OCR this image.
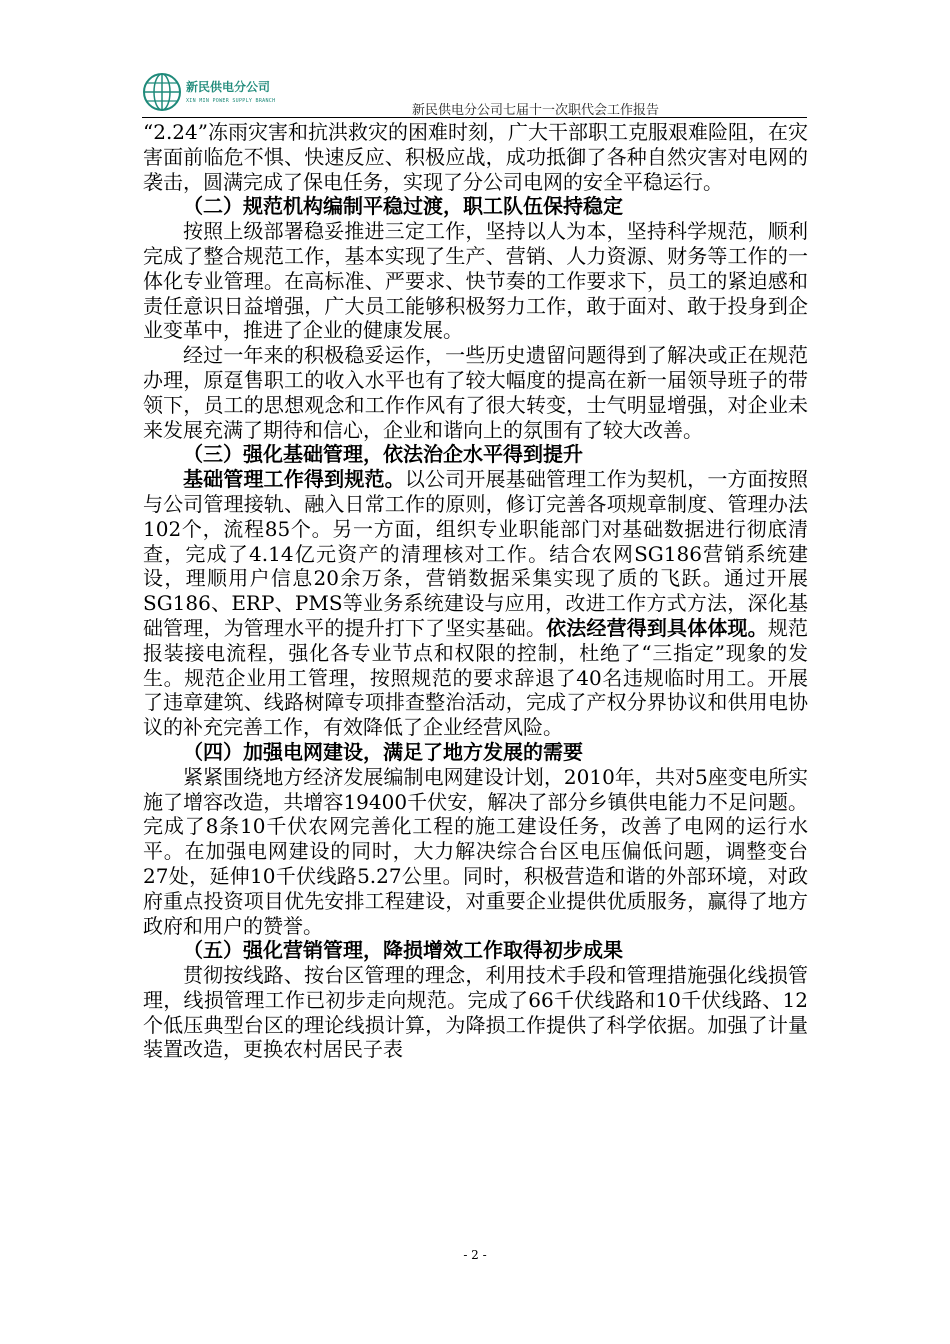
新民供电分公司
XIN MIN POWER SUPPLY BRANCH
新民供电分公司七届十一次职代会工作报告

“2.24”冻雨灾害和抗洪救灾的困难时刻，广大干部职工克服艰难险阻，在灾害面前临危不惧、快速反应、积极应战，成功抵御了各种自然灾害对电网的袭击，圆满完成了保电任务，实现了分公司电网的安全平稳运行。

（二）规范机构编制平稳过渡，职工队伍保持稳定

按照上级部署稳妥推进三定工作，坚持以人为本，坚持科学规范，顺利完成了整合规范工作，基本实现了生产、营销、人力资源、财务等工作的一体化专业管理。在高标准、严要求、快节奏的工作要求下，员工的紧迫感和责任意识日益增强，广大员工能够积极努力工作，敢于面对、敢于投身到企业变革中，推进了企业的健康发展。

经过一年来的积极稳妥运作，一些历史遗留问题得到了解决或正在规范办理，原趸售职工的收入水平也有了较大幅度的提高在新一届领导班子的带领下，员工的思想观念和工作作风有了很大转变，士气明显增强，对企业未来发展充满了期待和信心，企业和谐向上的氛围有了较大改善。

（三）强化基础管理，依法治企水平得到提升

基础管理工作得到规范。以公司开展基础管理工作为契机，一方面按照与公司管理接轨、融入日常工作的原则，修订完善各项规章制度、管理办法102个，流程85个。另一方面，组织专业职能部门对基础数据进行彻底清查，完成了4.14亿元资产的清理核对工作。结合农网SG186营销系统建设，理顺用户信息20余万条，营销数据采集实现了质的飞跃。通过开展SG186、ERP、PMS等业务系统建设与应用，改进工作方式方法，深化基础管理，为管理水平的提升打下了坚实基础。依法经营得到具体体现。规范报装接电流程，强化各专业节点和权限的控制，杜绝了“三指定”现象的发生。规范企业用工管理，按照规范的要求辞退了40名违规临时用工。开展了违章建筑、线路树障专项排查整治活动，完成了产权分界协议和供用电协议的补充完善工作，有效降低了企业经营风险。

（四）加强电网建设，满足了地方发展的需要

紧紧围绕地方经济发展编制电网建设计划，2010年，共对5座变电所实施了增容改造，共增容19400千伏安，解决了部分乡镇供电能力不足问题。完成了8条10千伏农网完善化工程的施工建设任务，改善了电网的运行水平。在加强电网建设的同时，大力解决综合台区电压偏低问题，调整变台27处，延伸10千伏线路5.27公里。同时，积极营造和谐的外部环境，对政府重点投资项目优先安排工程建设，对重要企业提供优质服务，赢得了地方政府和用户的赞誉。

（五）强化营销管理，降损增效工作取得初步成果

贯彻按线路、按台区管理的理念，利用技术手段和管理措施强化线损管理，线损管理工作已初步走向规范。完成了66千伏线路和10千伏线路、12个低压典型台区的理论线损计算，为降损工作提供了科学依据。加强了计量装置改造，更换农村居民子表

- 2 -
